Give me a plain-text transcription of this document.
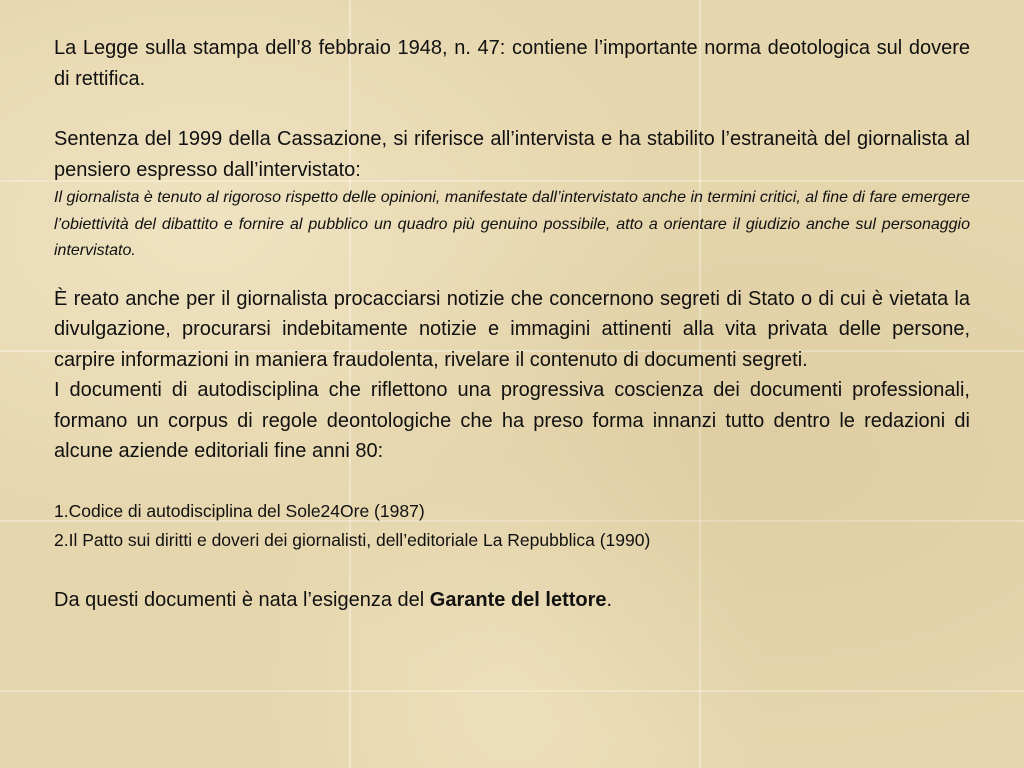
La Legge sulla stampa dell’8 febbraio 1948, n. 47: contiene l’importante norma deotologica sul dovere di rettifica.

Sentenza del 1999 della Cassazione, si riferisce all’intervista e ha stabilito l’estraneità del giornalista al pensiero espresso dall’intervistato:

Il giornalista è tenuto al rigoroso rispetto delle opinioni, manifestate dall’intervistato anche in termini critici, al fine di fare emergere l’obiettività del dibattito e fornire al pubblico un quadro più genuino possibile, atto a orientare il giudizio anche sul personaggio intervistato.

È reato anche per il giornalista procacciarsi notizie che concernono segreti di Stato o di cui è vietata la divulgazione, procurarsi indebitamente notizie e immagini attinenti alla vita privata delle persone, carpire informazioni in maniera fraudolenta, rivelare il contenuto di documenti segreti.

I documenti di autodisciplina che riflettono una progressiva coscienza dei documenti professionali, formano un corpus di regole deontologiche che ha preso forma innanzi tutto dentro le redazioni di alcune aziende editoriali fine anni 80:

1.Codice di autodisciplina del Sole24Ore (1987)
2.Il Patto sui diritti e doveri dei giornalisti, dell’editoriale La Repubblica (1990)

Da questi documenti è nata l’esigenza del Garante del lettore.
